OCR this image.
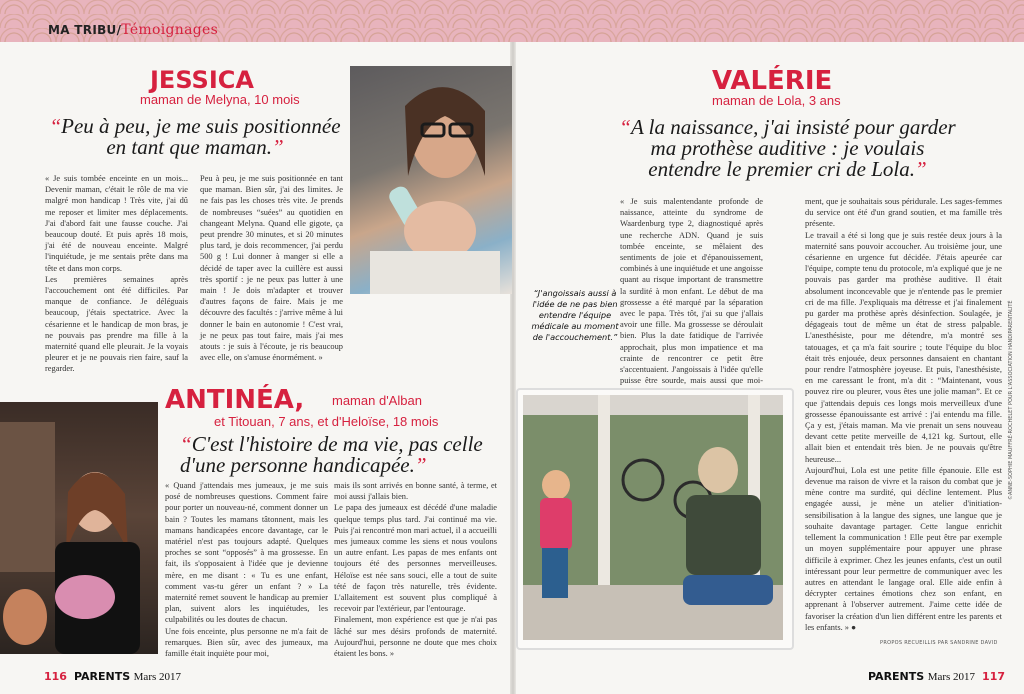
MA TRIBU/Témoignages
JESSICA
maman de Melyna, 10 mois
“Peu à peu, je me suis positionnée en tant que maman.”

« Je suis tombée enceinte en un mois... Devenir maman, c'était le rôle de ma vie malgré mon handicap ! Très vite, j'ai dû me reposer et limiter mes déplacements. J'ai d'abord fait une fausse couche. J'ai beaucoup douté. Et puis après 18 mois, j'ai été de nouveau enceinte. Malgré l'inquiétude, je me sentais prête dans ma tête et dans mon corps.

Les premières semaines après l'accouchement ont été difficiles. Par manque de confiance. Je déléguais beaucoup, j'étais spectatrice. Avec la césarienne et le handicap de mon bras, je ne pouvais pas prendre ma fille à la maternité quand elle pleurait. Je la voyais pleurer et je ne pouvais rien faire, sauf la regarder.

Peu à peu, je me suis positionnée en tant que maman. Bien sûr, j'ai des limites. Je ne fais pas les choses très vite. Je prends de nombreuses “suées” au quotidien en changeant Melyna. Quand elle gigote, ça peut prendre 30 minutes, et si 20 minutes plus tard, je dois recommencer, j'ai perdu 500 g ! Lui donner à manger si elle a décidé de taper avec la cuillère est aussi très sportif : je ne peux pas lutter à une main ! Je dois m'adapter et trouver d'autres façons de faire. Mais je me découvre des facultés : j'arrive même à lui donner le bain en autonomie ! C'est vrai, je ne peux pas tout faire, mais j'ai mes atouts : je suis à l'écoute, je ris beaucoup avec elle, on s'amuse énormément. »

ANTINÉA, maman d'Alban
et Titouan, 7 ans, et d'Heloïse, 18 mois
“C'est l'histoire de ma vie, pas celle d'une personne handicapée.”

« Quand j'attendais mes jumeaux, je me suis posé de nombreuses questions. Comment faire pour porter un nouveau-né, comment donner un bain ? Toutes les mamans tâtonnent, mais les mamans handicapées encore davantage, car le matériel n'est pas toujours adapté. Quelques proches se sont “opposés” à ma grossesse. En fait, ils s'opposaient à l'idée que je devienne mère, en me disant : « Tu es une enfant, comment vas-tu gérer un enfant ? » La maternité remet souvent le handicap au premier plan, suivent alors les inquiétudes, les culpabilités ou les doutes de chacun.

Une fois enceinte, plus personne ne m'a fait de remarques. Bien sûr, avec des jumeaux, ma famille était inquiète pour moi,

mais ils sont arrivés en bonne santé, à terme, et moi aussi j'allais bien.

Le papa des jumeaux est décédé d'une maladie quelque temps plus tard. J'ai continué ma vie. Puis j'ai rencontré mon mari actuel, il a accueilli mes jumeaux comme les siens et nous voulons un autre enfant. Les papas de mes enfants ont toujours été des personnes merveilleuses. Héloïse est née sans souci, elle a tout de suite tété de façon très naturelle, très évidente. L'allaitement est souvent plus compliqué à recevoir par l'extérieur, par l'entourage.

Finalement, mon expérience est que je n'ai pas lâché sur mes désirs profonds de maternité. Aujourd'hui, personne ne doute que mes choix étaient les bons. »

VALÉRIE
maman de Lola, 3 ans
“A la naissance, j'ai insisté pour garder ma prothèse auditive : je voulais entendre le premier cri de Lola.”
“J'angoissais aussi à l'idée de ne pas bien entendre l'équipe médicale au moment de l'accouchement.”

« Je suis malentendante profonde de naissance, atteinte du syndrome de Waardenburg type 2, diagnostiqué après une recherche ADN. Quand je suis tombée enceinte, se mêlaient des sentiments de joie et d'épanouissement, combinés à une inquiétude et une angoisse quant au risque important de transmettre la surdité à mon enfant. Le début de ma grossesse a été marqué par la séparation avec le papa. Très tôt, j'ai su que j'allais avoir une fille. Ma grossesse se déroulait bien. Plus la date fatidique de l'arrivée approchait, plus mon impatience et ma crainte de rencontrer ce petit être s'accentuaient. J'angoissais à l'idée qu'elle puisse être sourde, mais aussi que moi-

ment, que je souhaitais sous péridurale. Les sages-femmes du service ont été d'un grand soutien, et ma famille très présente.

Le travail a été si long que je suis restée deux jours à la maternité sans pouvoir accoucher. Au troisième jour, une césarienne en urgence fut décidée. J'étais apeurée car l'équipe, compte tenu du protocole, m'a expliqué que je ne pouvais pas garder ma prothèse auditive. Il était absolument inconcevable que je n'entende pas le premier cri de ma fille. J'expliquais ma détresse et j'ai finalement pu garder ma prothèse après désinfection. Soulagée, je dégageais tout de même un état de stress palpable. L'anesthésiste, pour me détendre, m'a montré ses tatouages, et ça m'a fait sourire ; toute l'équipe du bloc était très enjouée, deux personnes dansaient en chantant pour rendre l'atmosphère joyeuse. Et puis, l'anesthésiste, en me caressant le front, m'a dit : “Maintenant, vous pouvez rire ou pleurer, vous êtes une jolie maman”. Et ce que j'attendais depuis ces longs mois merveilleux d'une grossesse épanouissante est arrivé : j'ai entendu ma fille. Ça y est, j'étais maman. Ma vie prenait un sens nouveau devant cette petite merveille de 4,121 kg. Surtout, elle allait bien et entendait très bien. Je ne pouvais qu'être heureuse...

Aujourd'hui, Lola est une petite fille épanouie. Elle est devenue ma raison de vivre et la raison du combat que je mène contre ma surdité, qui décline lentement. Plus engagée aussi, je mène un atelier d'initiation-sensibilisation à la langue des signes, une langue que je souhaite davantage partager. Cette langue enrichit tellement la communication ! Elle peut être par exemple un moyen supplémentaire pour appuyer une phrase difficile à exprimer. Chez les jeunes enfants, c'est un outil intéressant pour leur permettre de communiquer avec les autres en attendant le langage oral. Elle aide enfin à décrypter certaines émotions chez son enfant, en apprenant à l'observer autrement. J'aime cette idée de favoriser la création d'un lien différent entre les parents et les enfants. » ●

PROPOS RECUEILLIS PAR SANDRINE DAVID
©ANNE-SOPHIE MAUFFRÉ-ROCHELET POUR L'ASSOCIATION HANDIPARENTALITÉ
116 PARENTS Mars 2017	PARENTS Mars 2017 117
